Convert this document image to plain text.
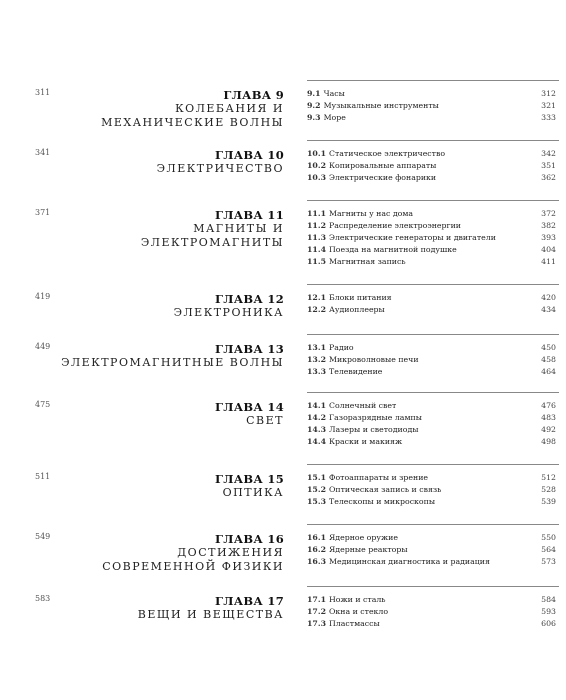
311	ГЛАВА 9
КОЛЕБАНИЯ И
МЕХАНИЧЕСКИЕ ВОЛНЫ
9.1 Часы	312
9.2 Музыкальные инструменты	321
9.3 Море	333
341	ГЛАВА 10
ЭЛЕКТРИЧЕСТВО
10.1 Статическое электричество	342
10.2 Копировальные аппараты	351
10.3 Электрические фонарики	362
371	ГЛАВА 11
МАГНИТЫ И ЭЛЕКТРОМАГНИТЫ
11.1 Магниты у нас дома	372
11.2 Распределение электроэнергии	382
11.3 Электрические генераторы и двигатели	393
11.4 Поезда на магнитной подушке	404
11.5 Магнитная запись	411
419	ГЛАВА 12
ЭЛЕКТРОНИКА
12.1 Блоки питания	420
12.2 Аудиоплееры	434
449	ГЛАВА 13
ЭЛЕКТРОМАГНИТНЫЕ ВОЛНЫ
13.1 Радио	450
13.2 Микроволновые печи	458
13.3 Телевидение	464
475	ГЛАВА 14
СВЕТ
14.1 Солнечный свет	476
14.2 Газоразрядные лампы	483
14.3 Лазеры и светодиоды	492
14.4 Краски и макияж	498
511	ГЛАВА 15
ОПТИКА
15.1 Фотоаппараты и зрение	512
15.2 Оптическая запись и связь	528
15.3 Телескопы и микроскопы	539
549	ГЛАВА 16
ДОСТИЖЕНИЯ
СОВРЕМЕННОЙ ФИЗИКИ
16.1 Ядерное оружие	550
16.2 Ядерные реакторы	564
16.3 Медицинская диагностика и радиация	573
583	ГЛАВА 17
ВЕЩИ И ВЕЩЕСТВА
17.1 Ножи и сталь	584
17.2 Окна и стекло	593
17.3 Пластмассы	606
